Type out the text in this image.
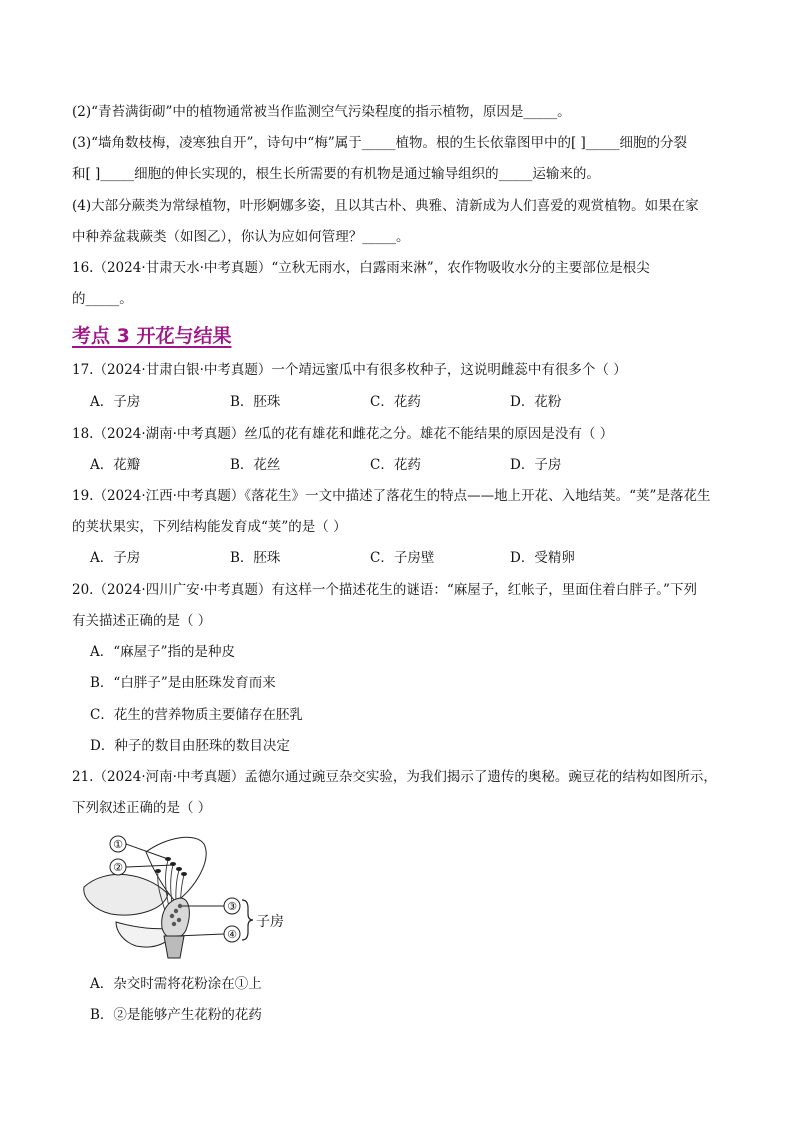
(2)“青苔满街砌”中的植物通常被当作监测空气污染程度的指示植物，原因是_____。
(3)“墙角数枝梅，凌寒独自开”，诗句中“梅”属于_____植物。根的生长依靠图甲中的[ ]_____细胞的分裂
和[ ]_____细胞的伸长实现的，根生长所需要的有机物是通过输导组织的_____运输来的。
(4)大部分蕨类为常绿植物，叶形婀娜多姿，且以其古朴、典雅、清新成为人们喜爱的观赏植物。如果在家
中种养盆栽蕨类（如图乙），你认为应如何管理？_____。
16.（2024·甘肃天水·中考真题）“立秋无雨水，白露雨来淋”，农作物吸收水分的主要部位是根尖
的_____。
考点 3 开花与结果
17.（2024·甘肃白银·中考真题）一个靖远蜜瓜中有很多枚种子，这说明雌蕊中有很多个（ ）
A．子房	B．胚珠	C．花药	D．花粉
18.（2024·湖南·中考真题）丝瓜的花有雄花和雌花之分。雄花不能结果的原因是没有（ ）
A．花瓣	B．花丝	C．花药	D．子房
19.（2024·江西·中考真题）《落花生》一文中描述了落花生的特点——地上开花、入地结荚。“荚”是落花生
的荚状果实，下列结构能发育成“荚”的是（ ）
A．子房	B．胚珠	C．子房壁	D．受精卵
20.（2024·四川广安·中考真题）有这样一个描述花生的谜语：“麻屋子，红帐子，里面住着白胖子。”下列
有关描述正确的是（ ）
A．“麻屋子”指的是种皮
B．“白胖子”是由胚珠发育而来
C．花生的营养物质主要储存在胚乳
D．种子的数目由胚珠的数目决定
21.（2024·河南·中考真题）孟德尔通过豌豆杂交实验，为我们揭示了遗传的奥秘。豌豆花的结构如图所示，
下列叙述正确的是（ ）
①
②
③
④
子房
A．杂交时需将花粉涂在①上
B．②是能够产生花粉的花药
